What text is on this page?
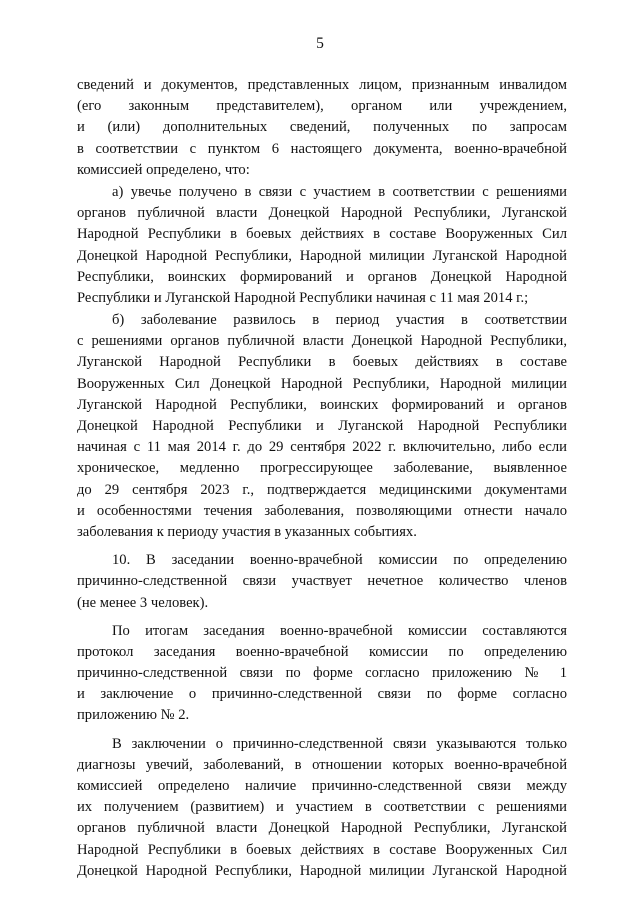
5
сведений и документов, представленных лицом, признанным инвалидом
(его законным представителем), органом или учреждением,
и (или) дополнительных сведений, полученных по запросам
в соответствии с пунктом 6 настоящего документа, военно-врачебной
комиссией определено, что:
а) увечье получено в связи с участием в соответствии с решениями
органов публичной власти Донецкой Народной Республики, Луганской
Народной Республики в боевых действиях в составе Вооруженных Сил
Донецкой Народной Республики, Народной милиции Луганской Народной
Республики, воинских формирований и органов Донецкой Народной
Республики и Луганской Народной Республики начиная с 11 мая 2014 г.;
б) заболевание развилось в период участия в соответствии
с решениями органов публичной власти Донецкой Народной Республики,
Луганской Народной Республики в боевых действиях в составе
Вооруженных Сил Донецкой Народной Республики, Народной милиции
Луганской Народной Республики, воинских формирований и органов
Донецкой Народной Республики и Луганской Народной Республики
начиная с 11 мая 2014 г. до 29 сентября 2022 г. включительно, либо если
хроническое, медленно прогрессирующее заболевание, выявленное
до 29 сентября 2023 г., подтверждается медицинскими документами
и особенностями течения заболевания, позволяющими отнести начало
заболевания к периоду участия в указанных событиях.
10. В заседании военно-врачебной комиссии по определению
причинно-следственной связи участвует нечетное количество членов
(не менее 3 человек).
По итогам заседания военно-врачебной комиссии составляются
протокол заседания военно-врачебной комиссии по определению
причинно-следственной связи по форме согласно приложению № 1
и заключение о причинно-следственной связи по форме согласно
приложению № 2.
В заключении о причинно-следственной связи указываются только
диагнозы увечий, заболеваний, в отношении которых военно-врачебной
комиссией определено наличие причинно-следственной связи между
их получением (развитием) и участием в соответствии с решениями
органов публичной власти Донецкой Народной Республики, Луганской
Народной Республики в боевых действиях в составе Вооруженных Сил
Донецкой Народной Республики, Народной милиции Луганской Народной
